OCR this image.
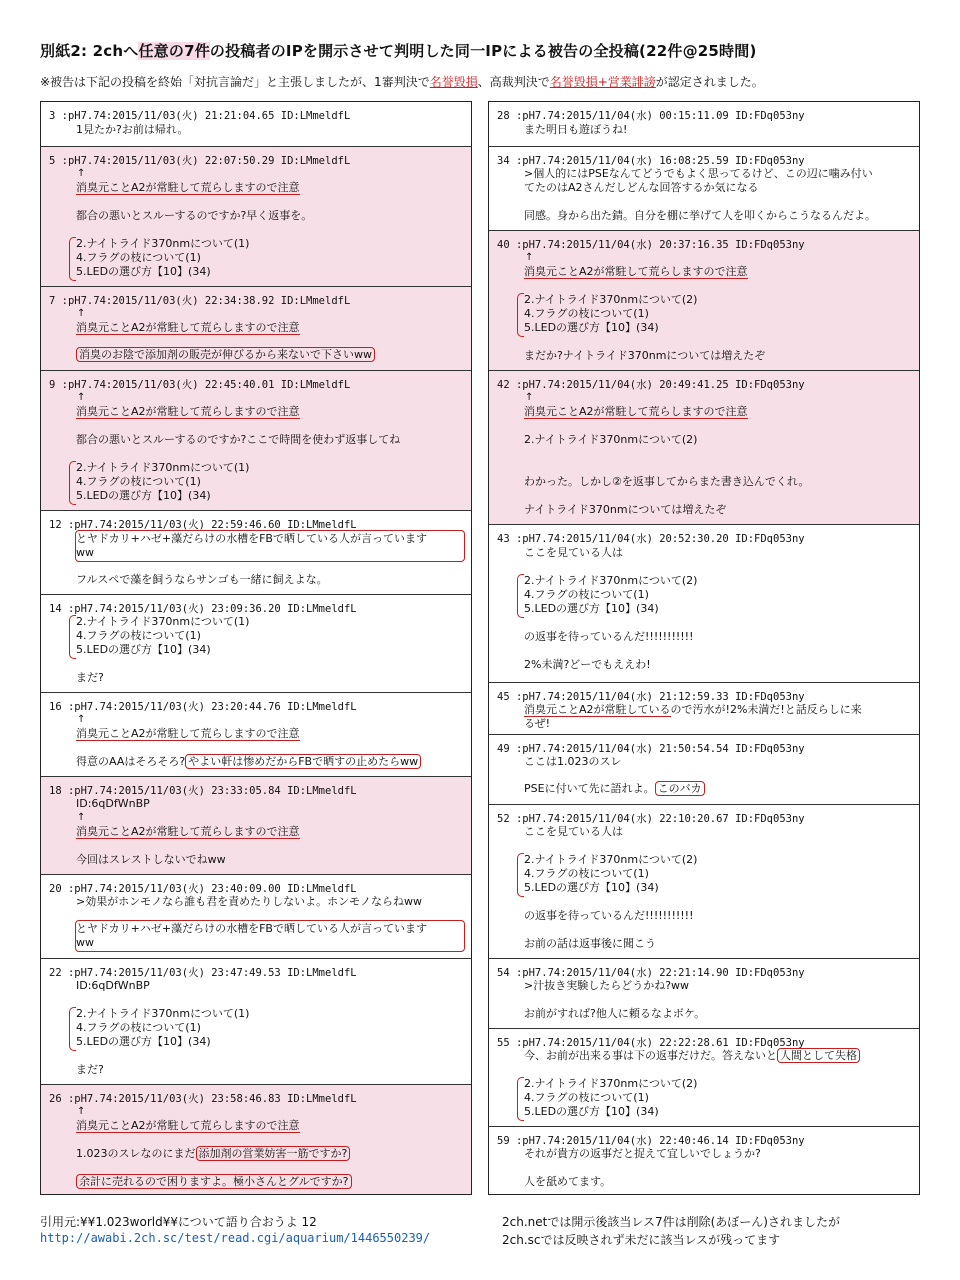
別紙2: 2chへ任意の7件の投稿者のIPを開示させて判明した同一IPによる被告の全投稿(22件@25時間)
※被告は下記の投稿を終始「対抗言論だ」と主張しましたが、1審判決で名誉毀損、高裁判決で名誉毀損+営業誹謗が認定されました。
3 :pH7.74:2015/11/03(火) 21:21:04.65 ID:LMmeldfL
1見たか?お前は帰れ。
5 :pH7.74:2015/11/03(火) 22:07:50.29 ID:LMmeldfL
↑
消臭元ことA2が常駐して荒らしますので注意
都合の悪いとスルーするのですか?早く返事を。
2.ナイトライド370nmについて(1)
4.フラグの枝について(1)
5.LEDの選び方【10】(34)
7 :pH7.74:2015/11/03(火) 22:34:38.92 ID:LMmeldfL
↑
消臭元ことA2が常駐して荒らしますので注意
消臭のお陰で添加剤の販売が伸びるから来ないで下さいww
9 :pH7.74:2015/11/03(火) 22:45:40.01 ID:LMmeldfL
↑
消臭元ことA2が常駐して荒らしますので注意
都合の悪いとスルーするのですか?ここで時間を使わず返事してね
2.ナイトライド370nmについて(1)
4.フラグの枝について(1)
5.LEDの選び方【10】(34)
12 :pH7.74:2015/11/03(火) 22:59:46.60 ID:LMmeldfL
とヤドカリ+ハゼ+藻だらけの水槽をFBで晒している人が言っています
ww
フルスペで藻を飼うならサンゴも一緒に飼えよな。
14 :pH7.74:2015/11/03(火) 23:09:36.20 ID:LMmeldfL
2.ナイトライド370nmについて(1)
4.フラグの枝について(1)
5.LEDの選び方【10】(34)
まだ?
16 :pH7.74:2015/11/03(火) 23:20:44.76 ID:LMmeldfL
↑
消臭元ことA2が常駐して荒らしますので注意
得意のAAはそろそろ? やよい軒は惨めだからFBで晒すの止めたらww
18 :pH7.74:2015/11/03(火) 23:33:05.84 ID:LMmeldfL
ID:6qDfWnBP
↑
消臭元ことA2が常駐して荒らしますので注意
今回はスレストしないでねww
20 :pH7.74:2015/11/03(火) 23:40:09.00 ID:LMmeldfL
>効果がホンモノなら誰も君を責めたりしないよ。ホンモノならねww
とヤドカリ+ハゼ+藻だらけの水槽をFBで晒している人が言っています
ww
22 :pH7.74:2015/11/03(火) 23:47:49.53 ID:LMmeldfL
ID:6qDfWnBP
2.ナイトライド370nmについて(1)
4.フラグの枝について(1)
5.LEDの選び方【10】(34)
まだ?
26 :pH7.74:2015/11/03(火) 23:58:46.83 ID:LMmeldfL
↑
消臭元ことA2が常駐して荒らしますので注意
1.023のスレなのにまだ 添加剤の営業妨害一筋ですか?
余計に売れるので困りますよ。極小さんとグルですか?
28 :pH7.74:2015/11/04(水) 00:15:11.09 ID:FDq053ny
また明日も遊ぼうね!
34 :pH7.74:2015/11/04(水) 16:08:25.59 ID:FDq053ny
>個人的にはPSEなんてどうでもよく思ってるけど、この辺に噛み付い
てたのはA2さんだしどんな回答するか気になる
同感。身から出た錆。自分を棚に挙げて人を叩くからこうなるんだよ。
40 :pH7.74:2015/11/04(水) 20:37:16.35 ID:FDq053ny
↑
消臭元ことA2が常駐して荒らしますので注意
2.ナイトライド370nmについて(2)
4.フラグの枝について(1)
5.LEDの選び方【10】(34)
まだか?ナイトライド370nmについては増えたぞ
42 :pH7.74:2015/11/04(水) 20:49:41.25 ID:FDq053ny
↑
消臭元ことA2が常駐して荒らしますので注意
2.ナイトライド370nmについて(2)
わかった。しかし②を返事してからまた書き込んでくれ。
ナイトライド370nmについては増えたぞ
43 :pH7.74:2015/11/04(水) 20:52:30.20 ID:FDq053ny
ここを見ている人は
2.ナイトライド370nmについて(2)
4.フラグの枝について(1)
5.LEDの選び方【10】(34)
の返事を待っているんだ!!!!!!!!!!!
2%未満?どーでもええわ!
45 :pH7.74:2015/11/04(水) 21:12:59.33 ID:FDq053ny
消臭元ことA2が常駐しているので汚水が!2%未満だ!と話反らしに来
るぜ!
49 :pH7.74:2015/11/04(水) 21:50:54.54 ID:FDq053ny
ここは1.023のスレ
PSEに付いて先に語れよ。 このバカ
52 :pH7.74:2015/11/04(水) 22:10:20.67 ID:FDq053ny
ここを見ている人は
2.ナイトライド370nmについて(2)
4.フラグの枝について(1)
5.LEDの選び方【10】(34)
の返事を待っているんだ!!!!!!!!!!!
お前の話は返事後に聞こう
54 :pH7.74:2015/11/04(水) 22:21:14.90 ID:FDq053ny
>汁抜き実験したらどうかね?ww
お前がすれば?他人に頼るなよボケ。
55 :pH7.74:2015/11/04(水) 22:22:28.61 ID:FDq053ny
今、お前が出来る事は下の返事だけだ。答えないと 人間として失格
2.ナイトライド370nmについて(2)
4.フラグの枝について(1)
5.LEDの選び方【10】(34)
59 :pH7.74:2015/11/04(水) 22:40:46.14 ID:FDq053ny
それが貴方の返事だと捉えて宜しいでしょうか?
人を舐めてます。
引用元:¥¥1.023world¥¥について語り合おうよ 12
http://awabi.2ch.sc/test/read.cgi/aquarium/1446550239/
2ch.netでは開示後該当レス7件は削除(あぼーん)されましたが
2ch.scでは反映されず未だに該当レスが残ってます
